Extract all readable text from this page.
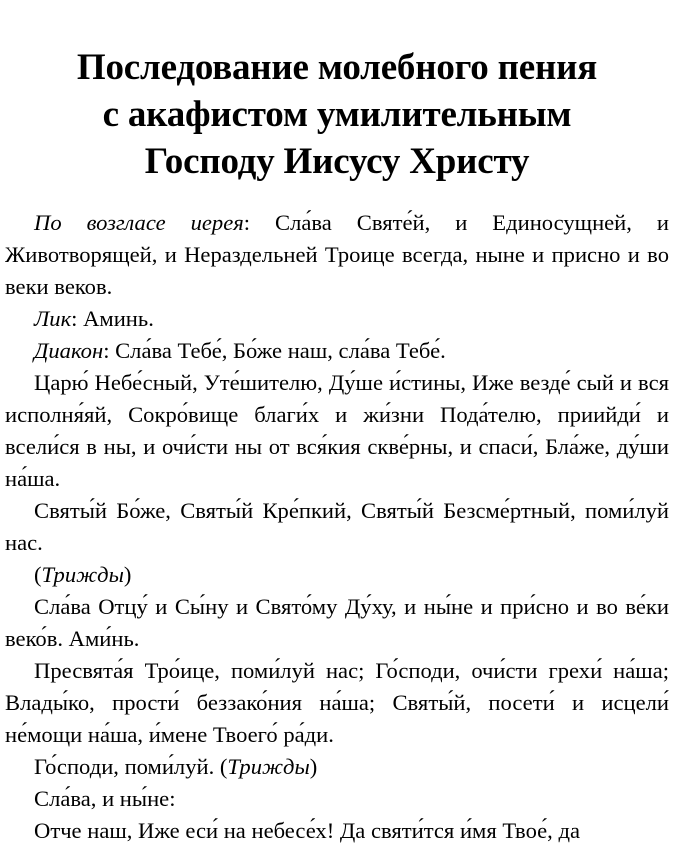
Последование молебного пения
с акафистом умилительным
Господу Иисусу Христу

По возгласе иерея: Сла́ва Святе́й, и Единосущней, и Животворящей, и Нераздельней Троице всегда, ныне и присно и во веки веков.

Лик: Аминь.

Диакон: Сла́ва Тебе́, Бо́же наш, сла́ва Тебе́.

Царю́ Небе́сный, Уте́шителю, Ду́ше и́стины, Иже везде́ сый и вся исполня́яй, Сокро́вище благи́х и жи́зни Пода́телю, приийди́ и всели́ся в ны, и очи́сти ны от вся́кия скве́рны, и спаси́, Бла́же, ду́ши на́ша.

Святы́й Бо́же, Святы́й Кре́пкий, Святы́й Безсме́ртный, поми́луй нас.

(Трижды)

Сла́ва Отцу́ и Сы́ну и Свято́му Ду́ху, и ны́не и при́сно и во ве́ки веко́в. Ами́нь.

Пресвята́я Тро́ице, поми́луй нас; Го́споди, очи́сти грехи́ на́ша; Влады́ко, прости́ беззако́ния на́ша; Святы́й, посети́ и исцели́ не́мощи на́ша, и́мене Твоего́ ра́ди.

Го́споди, поми́луй. (Трижды)

Сла́ва, и ны́не:

Отче наш, Иже еси́ на небесе́х! Да святи́тся и́мя Твое́, да
